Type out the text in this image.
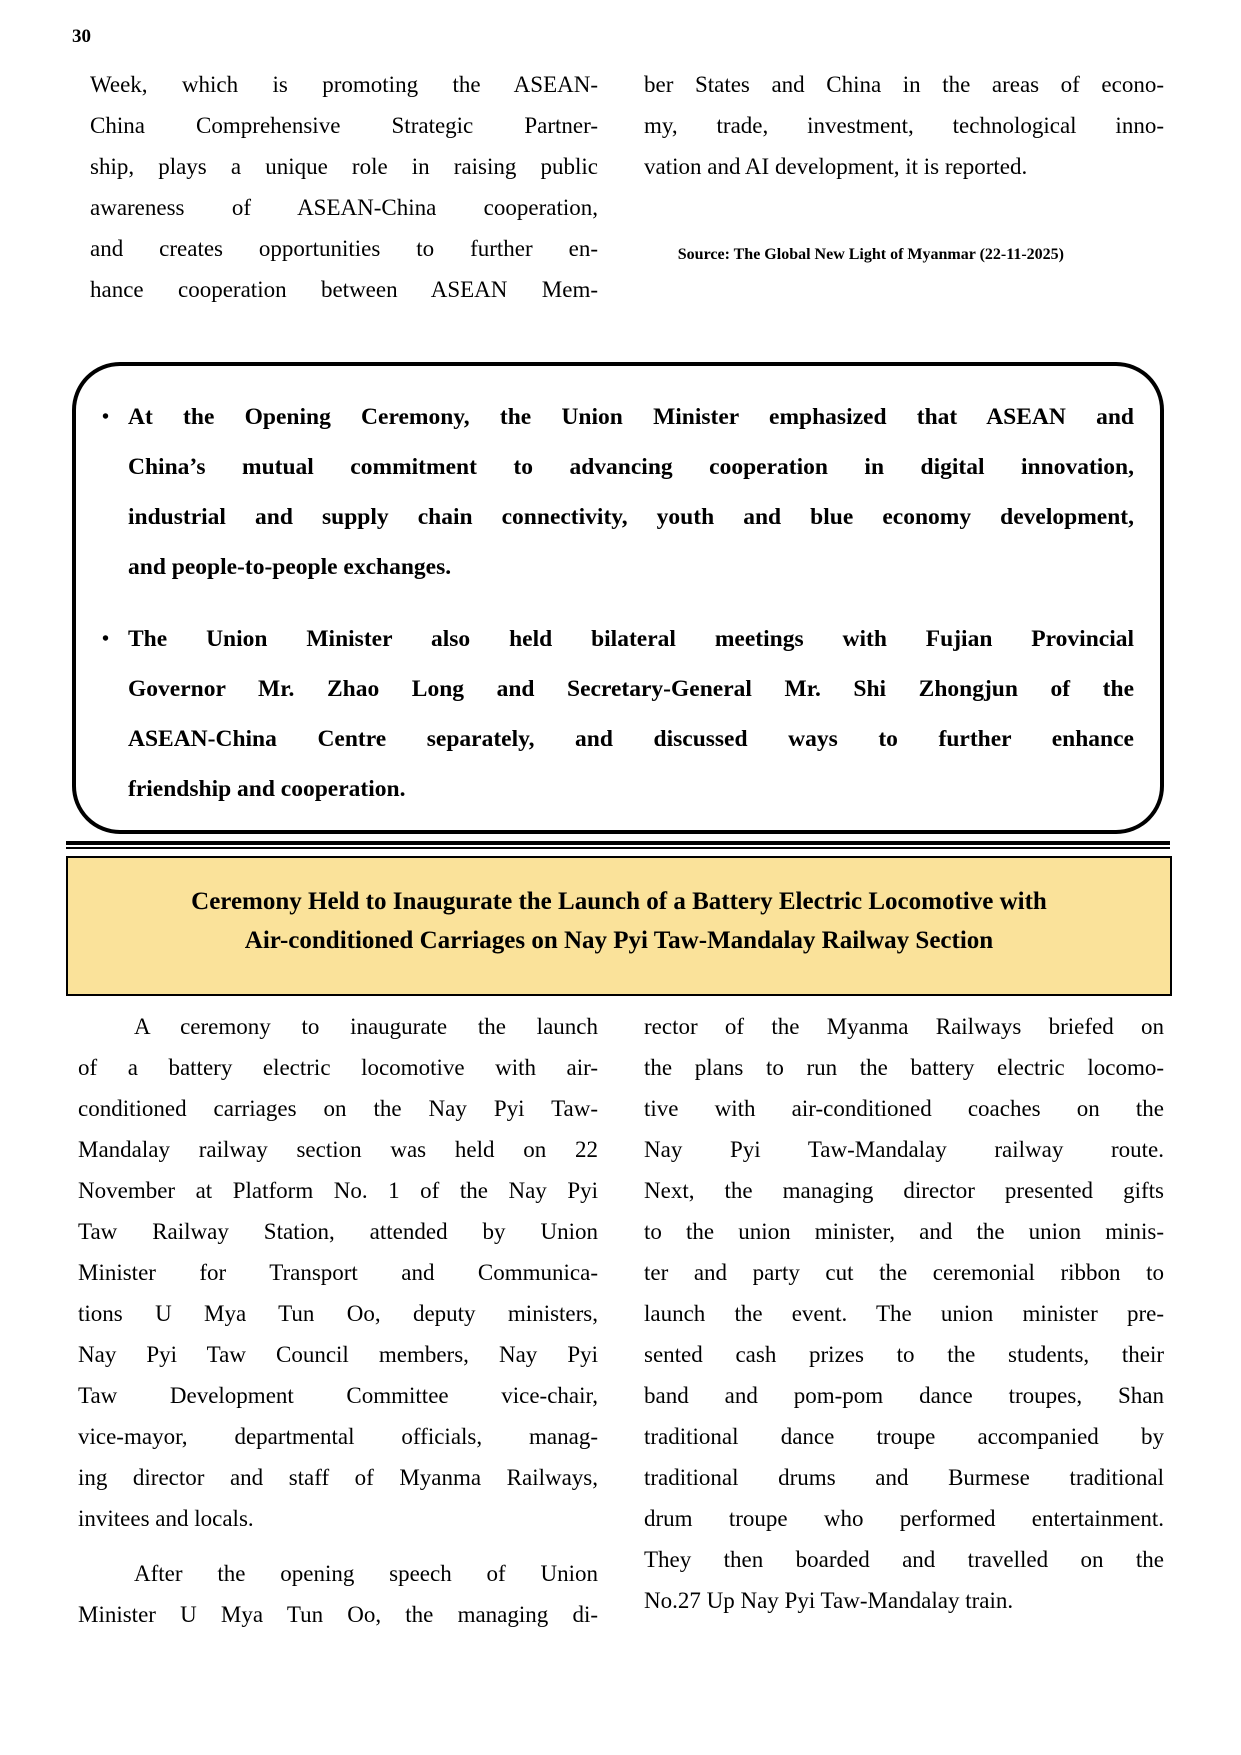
30
Week, which is promoting the ASEAN-
China Comprehensive Strategic Partner-
ship, plays a unique role in raising public
awareness of ASEAN-China cooperation,
and creates opportunities to further en-
hance cooperation between ASEAN Mem-
ber States and China in the areas of econo-
my, trade, investment, technological inno-
vation and AI development, it is reported.
Source: The Global New Light of Myanmar (22-11-2025)
• At the Opening Ceremony, the Union Minister emphasized that ASEAN and
China’s mutual commitment to advancing cooperation in digital innovation,
industrial and supply chain connectivity, youth and blue economy development,
and people-to-people exchanges.
• The Union Minister also held bilateral meetings with Fujian Provincial
Governor Mr. Zhao Long and Secretary-General Mr. Shi Zhongjun of the
ASEAN-China Centre separately, and discussed ways to further enhance
friendship and cooperation.
Ceremony Held to Inaugurate the Launch of a Battery Electric Locomotive with
Air-conditioned Carriages on Nay Pyi Taw-Mandalay Railway Section
A ceremony to inaugurate the launch
of a battery electric locomotive with air-
conditioned carriages on the Nay Pyi Taw-
Mandalay railway section was held on 22
November at Platform No. 1 of the Nay Pyi
Taw Railway Station, attended by Union
Minister for Transport and Communica-
tions U Mya Tun Oo, deputy ministers,
Nay Pyi Taw Council members, Nay Pyi
Taw Development Committee vice-chair,
vice-mayor, departmental officials, manag-
ing director and staff of Myanma Railways,
invitees and locals.
After the opening speech of Union
Minister U Mya Tun Oo, the managing di-
rector of the Myanma Railways briefed on
the plans to run the battery electric locomo-
tive with air-conditioned coaches on the
Nay Pyi Taw-Mandalay railway route.
Next, the managing director presented gifts
to the union minister, and the union minis-
ter and party cut the ceremonial ribbon to
launch the event. The union minister pre-
sented cash prizes to the students, their
band and pom-pom dance troupes, Shan
traditional dance troupe accompanied by
traditional drums and Burmese traditional
drum troupe who performed entertainment.
They then boarded and travelled on the
No.27 Up Nay Pyi Taw-Mandalay train.
